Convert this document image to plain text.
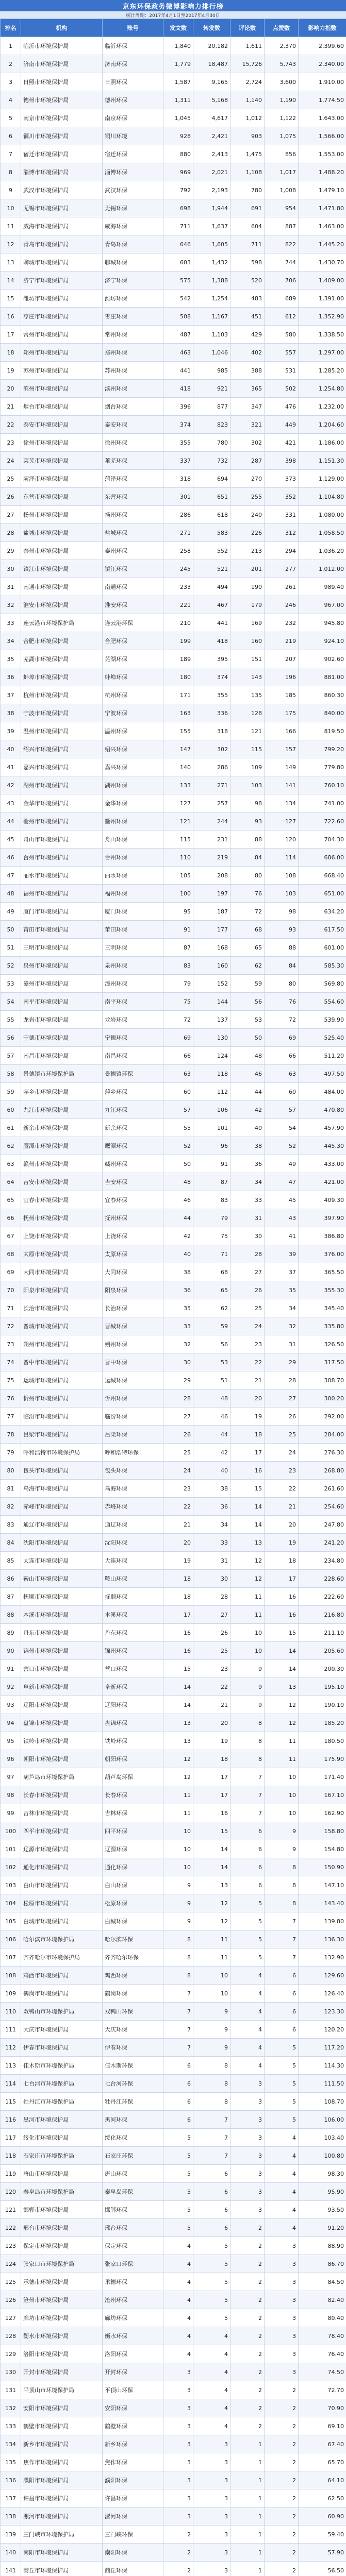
京东环保政务微博影响力排行榜
统计周期：2017年4月1日至2017年4月30日
排名	机构	账号	发文数	转发数	评论数	点赞数	影响力指数
1	临沂市环境保护局	临沂环保	1,840	20,182	1,611	2,370	2,399.60
2	济南市环境保护局	济南环保	1,779	18,487	15,726	5,743	2,340.00
3	日照市环境保护局	日照环保	1,587	9,165	2,724	3,600	1,910.00
4	德州市环境保护局	德州环保	1,311	5,168	1,140	1,190	1,774.50
5	南京市环境保护局	南京环保	1,045	4,617	1,012	1,122	1,643.00
6	铜川市环境保护局	铜川环境	928	2,421	903	1,075	1,566.00
7	宿迁市环境保护局	宿迁环保	880	2,413	1,475	856	1,553.00
8	淄博市环境保护局	淄博环保	969	2,021	1,108	1,017	1,488.20
9	武汉市环境保护局	武汉环保	792	2,193	780	1,008	1,479.10
10	无锡市环境保护局	无锡环保	698	1,944	691	954	1,471.80
11	威海市环境保护局	威海环保	711	1,637	604	887	1,463.00
12	青岛市环境保护局	青岛环保	646	1,605	711	822	1,445.20
13	聊城市环境保护局	聊城环保	603	1,432	598	744	1,430.70
14	济宁市环境保护局	济宁环保	575	1,388	520	706	1,409.00
15	潍坊市环境保护局	潍坊环保	542	1,254	483	689	1,391.00
16	枣庄市环境保护局	枣庄环保	508	1,167	451	612	1,352.90
17	常州市环境保护局	常州环保	487	1,103	429	580	1,338.50
18	郑州市环境保护局	郑州环保	463	1,046	402	557	1,297.00
19	苏州市环境保护局	苏州环保	441	985	388	531	1,285.20
20	滨州市环境保护局	滨州环保	418	921	365	502	1,254.80
21	烟台市环境保护局	烟台环保	396	877	347	476	1,232.00
22	泰安市环境保护局	泰安环保	374	823	321	449	1,204.60
23	徐州市环境保护局	徐州环保	355	780	302	421	1,186.00
24	莱芜市环境保护局	莱芜环保	337	732	287	398	1,151.30
25	菏泽市环境保护局	菏泽环保	318	694	270	373	1,129.00
26	东营市环境保护局	东营环保	301	651	255	352	1,104.80
27	扬州市环境保护局	扬州环保	286	618	240	331	1,080.00
28	盐城市环境保护局	盐城环保	271	583	226	312	1,058.50
29	泰州市环境保护局	泰州环保	258	552	213	294	1,036.20
30	镇江市环境保护局	镇江环保	245	521	201	277	1,012.00
31	南通市环境保护局	南通环保	233	494	190	261	989.40
32	淮安市环境保护局	淮安环保	221	467	179	246	967.00
33	连云港市环境保护局	连云港环保	210	441	169	232	945.80
34	合肥市环境保护局	合肥环保	199	418	160	219	924.10
35	芜湖市环境保护局	芜湖环保	189	395	151	207	902.60
36	蚌埠市环境保护局	蚌埠环保	180	374	143	196	881.00
37	杭州市环境保护局	杭州环保	171	355	135	185	860.30
38	宁波市环境保护局	宁波环保	163	336	128	175	840.00
39	温州市环境保护局	温州环保	155	318	121	166	819.50
40	绍兴市环境保护局	绍兴环保	147	302	115	157	799.20
41	嘉兴市环境保护局	嘉兴环保	140	286	109	149	779.80
42	湖州市环境保护局	湖州环保	133	271	103	141	760.10
43	金华市环境保护局	金华环保	127	257	98	134	741.00
44	衢州市环境保护局	衢州环保	121	244	93	127	722.60
45	舟山市环境保护局	舟山环保	115	231	88	120	704.30
46	台州市环境保护局	台州环保	110	219	84	114	686.00
47	丽水市环境保护局	丽水环保	105	208	80	108	668.40
48	福州市环境保护局	福州环保	100	197	76	103	651.00
49	厦门市环境保护局	厦门环保	95	187	72	98	634.20
50	莆田市环境保护局	莆田环保	91	177	68	93	617.50
51	三明市环境保护局	三明环保	87	168	65	88	601.00
52	泉州市环境保护局	泉州环保	83	160	62	84	585.30
53	漳州市环境保护局	漳州环保	79	152	59	80	569.80
54	南平市环境保护局	南平环保	75	144	56	76	554.60
55	龙岩市环境保护局	龙岩环保	72	137	53	72	539.90
56	宁德市环境保护局	宁德环保	69	130	50	69	525.40
57	南昌市环境保护局	南昌环保	66	124	48	66	511.20
58	景德镇市环境保护局	景德镇环保	63	118	46	63	497.50
59	萍乡市环境保护局	萍乡环保	60	112	44	60	484.00
60	九江市环境保护局	九江环保	57	106	42	57	470.80
61	新余市环境保护局	新余环保	55	101	40	54	457.90
62	鹰潭市环境保护局	鹰潭环保	52	96	38	52	445.30
63	赣州市环境保护局	赣州环保	50	91	36	49	433.00
64	吉安市环境保护局	吉安环保	48	87	34	47	421.00
65	宜春市环境保护局	宜春环保	46	83	33	45	409.30
66	抚州市环境保护局	抚州环保	44	79	31	43	397.90
67	上饶市环境保护局	上饶环保	42	75	30	41	386.80
68	太原市环境保护局	太原环保	40	71	28	39	376.00
69	大同市环境保护局	大同环保	38	68	27	37	365.50
70	阳泉市环境保护局	阳泉环保	36	65	26	35	355.30
71	长治市环境保护局	长治环保	35	62	25	34	345.40
72	晋城市环境保护局	晋城环保	33	59	24	32	335.80
73	朔州市环境保护局	朔州环保	32	56	23	31	326.50
74	晋中市环境保护局	晋中环保	30	53	22	29	317.50
75	运城市环境保护局	运城环保	29	51	21	28	308.70
76	忻州市环境保护局	忻州环保	28	48	20	27	300.20
77	临汾市环境保护局	临汾环保	27	46	19	26	292.00
78	吕梁市环境保护局	吕梁环保	26	44	18	25	284.00
79	呼和浩特市环境保护局	呼和浩特环保	25	42	17	24	276.30
80	包头市环境保护局	包头环保	24	40	16	23	268.80
81	乌海市环境保护局	乌海环保	23	38	15	22	261.60
82	赤峰市环境保护局	赤峰环保	22	36	14	21	254.60
83	通辽市环境保护局	通辽环保	21	34	14	20	247.80
84	沈阳市环境保护局	沈阳环保	20	33	13	19	241.20
85	大连市环境保护局	大连环保	19	31	12	18	234.80
86	鞍山市环境保护局	鞍山环保	18	30	12	17	228.60
87	抚顺市环境保护局	抚顺环保	18	28	11	16	222.60
88	本溪市环境保护局	本溪环保	17	27	11	16	216.80
89	丹东市环境保护局	丹东环保	16	26	10	15	211.10
90	锦州市环境保护局	锦州环保	16	25	10	14	205.60
91	营口市环境保护局	营口环保	15	23	9	14	200.30
92	阜新市环境保护局	阜新环保	14	22	9	13	195.10
93	辽阳市环境保护局	辽阳环保	14	21	9	12	190.10
94	盘锦市环境保护局	盘锦环保	13	20	8	12	185.20
95	铁岭市环境保护局	铁岭环保	13	19	8	11	180.50
96	朝阳市环境保护局	朝阳环保	12	18	8	11	175.90
97	葫芦岛市环境保护局	葫芦岛环保	12	17	7	10	171.40
98	长春市环境保护局	长春环保	11	17	7	10	167.10
99	吉林市环境保护局	吉林环保	11	16	7	10	162.90
100	四平市环境保护局	四平环保	10	15	6	9	158.80
101	辽源市环境保护局	辽源环保	10	14	6	9	154.80
102	通化市环境保护局	通化环保	10	14	6	8	150.90
103	白山市环境保护局	白山环保	9	13	6	8	147.10
104	松原市环境保护局	松原环保	9	12	5	8	143.40
105	白城市环境保护局	白城环保	9	12	5	7	139.80
106	哈尔滨市环境保护局	哈尔滨环保	8	11	5	7	136.30
107	齐齐哈尔市环境保护局	齐齐哈尔环保	8	11	5	7	132.90
108	鸡西市环境保护局	鸡西环保	8	10	4	6	129.60
109	鹤岗市环境保护局	鹤岗环保	7	10	4	6	126.40
110	双鸭山市环境保护局	双鸭山环保	7	9	4	6	123.30
111	大庆市环境保护局	大庆环保	7	9	4	6	120.20
112	伊春市环境保护局	伊春环保	7	9	4	5	117.20
113	佳木斯市环境保护局	佳木斯环保	6	8	4	5	114.30
114	七台河市环境保护局	七台河环保	6	8	3	5	111.50
115	牡丹江市环境保护局	牡丹江环保	6	8	3	5	108.70
116	黑河市环境保护局	黑河环保	6	7	3	5	106.00
117	绥化市环境保护局	绥化环保	5	7	3	4	103.40
118	石家庄市环境保护局	石家庄环保	5	7	3	4	100.80
119	唐山市环境保护局	唐山环保	5	6	3	4	98.30
120	秦皇岛市环境保护局	秦皇岛环保	5	6	3	4	95.90
121	邯郸市环境保护局	邯郸环保	5	6	3	4	93.50
122	邢台市环境保护局	邢台环保	5	6	2	4	91.20
123	保定市环境保护局	保定环保	4	5	2	3	88.90
124	张家口市环境保护局	张家口环保	4	5	2	3	86.70
125	承德市环境保护局	承德环保	4	5	2	3	84.50
126	沧州市环境保护局	沧州环保	4	5	2	3	82.40
127	廊坊市环境保护局	廊坊环保	4	5	2	3	80.40
128	衡水市环境保护局	衡水环保	4	4	2	3	78.40
129	洛阳市环境保护局	洛阳环保	4	4	2	3	76.40
130	开封市环境保护局	开封环保	3	4	2	3	74.50
131	平顶山市环境保护局	平顶山环保	3	4	2	2	72.70
132	安阳市环境保护局	安阳环保	3	4	2	2	70.90
133	鹤壁市环境保护局	鹤壁环保	3	4	2	2	69.10
134	新乡市环境保护局	新乡环保	3	3	1	2	67.40
135	焦作市环境保护局	焦作环保	3	3	1	2	65.70
136	濮阳市环境保护局	濮阳环保	3	3	1	2	64.10
137	许昌市环境保护局	许昌环保	3	3	1	2	62.50
138	漯河市环境保护局	漯河环保	3	3	1	2	60.90
139	三门峡市环境保护局	三门峡环保	2	3	1	2	59.40
140	南阳市环境保护局	南阳环保	2	3	1	2	57.90
141	商丘市环境保护局	商丘环保	2	3	1	2	56.50
